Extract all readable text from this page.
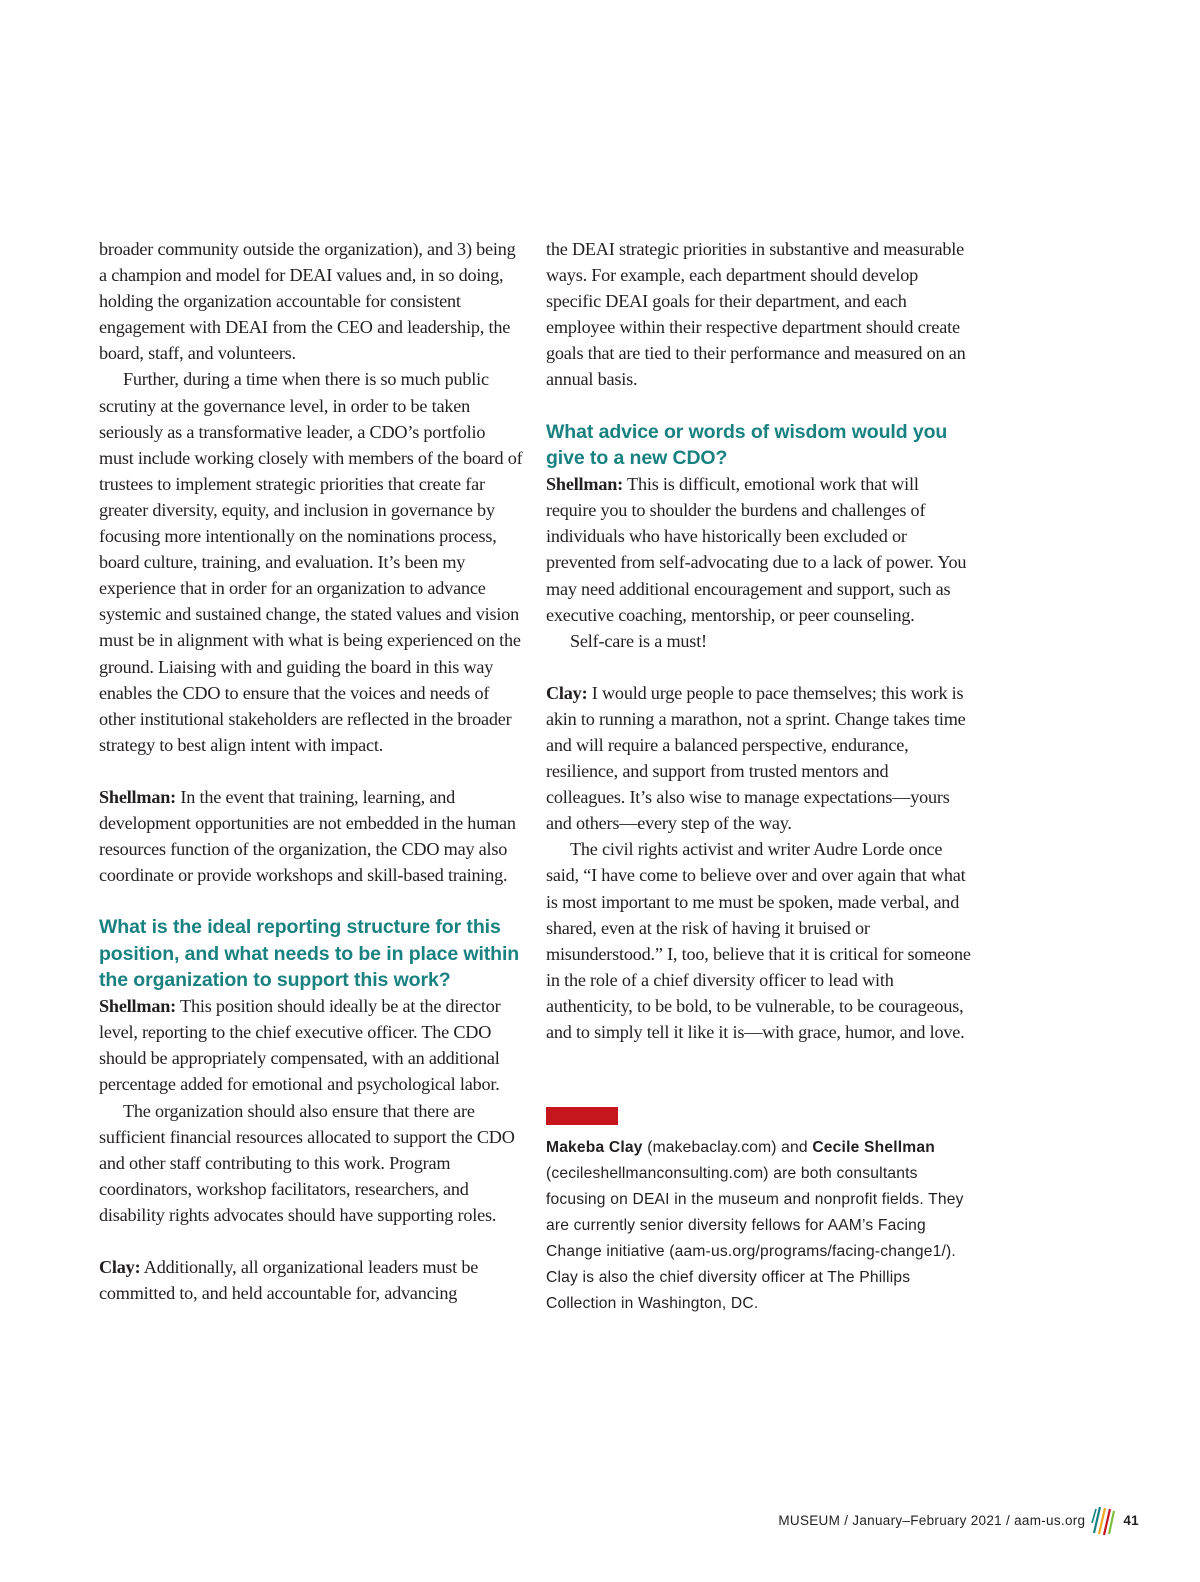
broader community outside the organization), and 3) being a champion and model for DEAI values and, in so doing, holding the organization accountable for consistent engagement with DEAI from the CEO and leadership, the board, staff, and volunteers.

Further, during a time when there is so much public scrutiny at the governance level, in order to be taken seriously as a transformative leader, a CDO’s portfolio must include working closely with members of the board of trustees to implement strategic priorities that create far greater diversity, equity, and inclusion in governance by focusing more intentionally on the nominations process, board culture, training, and evaluation. It’s been my experience that in order for an organization to advance systemic and sustained change, the stated values and vision must be in alignment with what is being experienced on the ground. Liaising with and guiding the board in this way enables the CDO to ensure that the voices and needs of other institutional stakeholders are reflected in the broader strategy to best align intent with impact.

Shellman: In the event that training, learning, and development opportunities are not embedded in the human resources function of the organization, the CDO may also coordinate or provide workshops and skill-based training.

What is the ideal reporting structure for this position, and what needs to be in place within the organization to support this work?

Shellman: This position should ideally be at the director level, reporting to the chief executive officer. The CDO should be appropriately compensated, with an additional percentage added for emotional and psychological labor.

The organization should also ensure that there are sufficient financial resources allocated to support the CDO and other staff contributing to this work. Program coordinators, workshop facilitators, researchers, and disability rights advocates should have supporting roles.

Clay: Additionally, all organizational leaders must be committed to, and held accountable for, advancing

the DEAI strategic priorities in substantive and measurable ways. For example, each department should develop specific DEAI goals for their department, and each employee within their respective department should create goals that are tied to their performance and measured on an annual basis.

What advice or words of wisdom would you give to a new CDO?

Shellman: This is difficult, emotional work that will require you to shoulder the burdens and challenges of individuals who have historically been excluded or prevented from self-advocating due to a lack of power. You may need additional encouragement and support, such as executive coaching, mentorship, or peer counseling.

Self-care is a must!

Clay: I would urge people to pace themselves; this work is akin to running a marathon, not a sprint. Change takes time and will require a balanced perspective, endurance, resilience, and support from trusted mentors and colleagues. It’s also wise to manage expectations—yours and others—every step of the way.

The civil rights activist and writer Audre Lorde once said, “I have come to believe over and over again that what is most important to me must be spoken, made verbal, and shared, even at the risk of having it bruised or misunderstood.” I, too, believe that it is critical for someone in the role of a chief diversity officer to lead with authenticity, to be bold, to be vulnerable, to be courageous, and to simply tell it like it is—with grace, humor, and love.

Makeba Clay (makebaclay.com) and Cecile Shellman (cecileshellmanconsulting.com) are both consultants focusing on DEAI in the museum and nonprofit fields. They are currently senior diversity fellows for AAM’s Facing Change initiative (aam-us.org/programs/facing-change1/). Clay is also the chief diversity officer at The Phillips Collection in Washington, DC.

MUSEUM / January–February 2021 / aam-us.org	41
